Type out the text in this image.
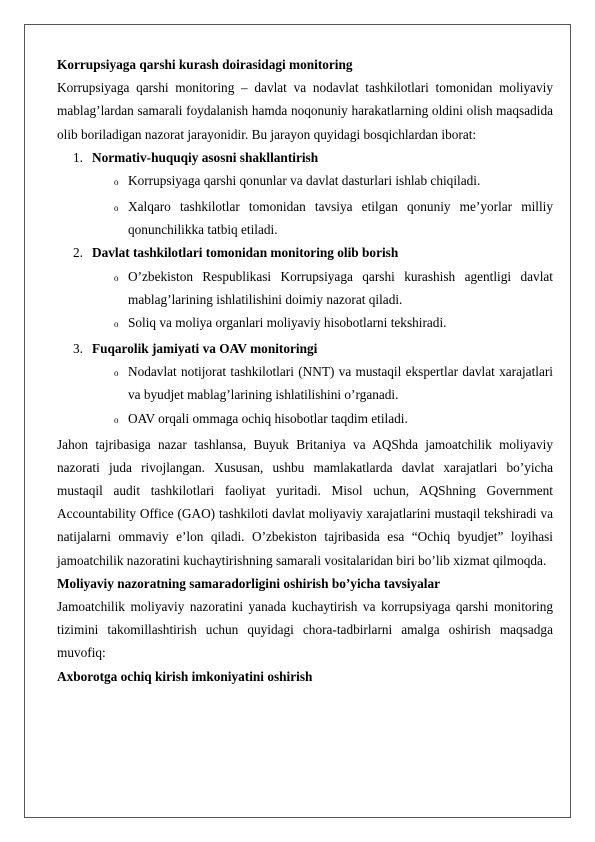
Korrupsiyaga qarshi kurash doirasidagi monitoring

Korrupsiyaga qarshi monitoring – davlat va nodavlat tashkilotlari tomonidan moliyaviy mablag’lardan samarali foydalanish hamda noqonuniy harakatlarning oldini olish maqsadida olib boriladigan nazorat jarayonidir. Bu jarayon quyidagi bosqichlardan iborat:

1. Normativ-huquqiy asosni shakllantirish
o Korrupsiyaga qarshi qonunlar va davlat dasturlari ishlab chiqiladi.
o Xalqaro tashkilotlar tomonidan tavsiya etilgan qonuniy me’yorlar milliy qonunchilikka tatbiq etiladi.
2. Davlat tashkilotlari tomonidan monitoring olib borish
o O’zbekiston Respublikasi Korrupsiyaga qarshi kurashish agentligi davlat mablag’larining ishlatilishini doimiy nazorat qiladi.
o Soliq va moliya organlari moliyaviy hisobotlarni tekshiradi.
3. Fuqarolik jamiyati va OAV monitoringi
o Nodavlat notijorat tashkilotlari (NNT) va mustaqil ekspertlar davlat xarajatlari va byudjet mablag’larining ishlatilishini o’rganadi.
o OAV orqali ommaga ochiq hisobotlar taqdim etiladi.

Jahon tajribasiga nazar tashlansa, Buyuk Britaniya va AQShda jamoatchilik moliyaviy nazorati juda rivojlangan. Xususan, ushbu mamlakatlarda davlat xarajatlari bo’yicha mustaqil audit tashkilotlari faoliyat yuritadi. Misol uchun, AQShning Government Accountability Office (GAO) tashkiloti davlat moliyaviy xarajatlarini mustaqil tekshiradi va natijalarni ommaviy e’lon qiladi. O’zbekiston tajribasida esa “Ochiq byudjet” loyihasi jamoatchilik nazoratini kuchaytirishning samarali vositalaridan biri bo’lib xizmat qilmoqda.

Moliyaviy nazoratning samaradorligini oshirish bo’yicha tavsiyalar

Jamoatchilik moliyaviy nazoratini yanada kuchaytirish va korrupsiyaga qarshi monitoring tizimini takomillashtirish uchun quyidagi chora-tadbirlarni amalga oshirish maqsadga muvofiq:

Axborotga ochiq kirish imkoniyatini oshirish
